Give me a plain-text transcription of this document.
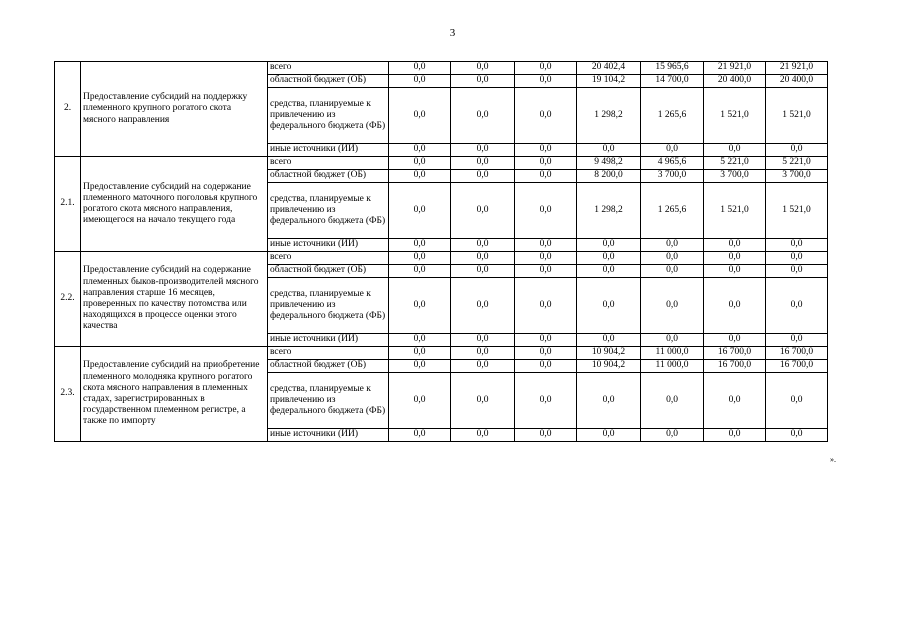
3
2.	Предоставление субсидий на поддержку племенного крупного рогатого скота мясного направления	всего	0,0	0,0	0,0	20 402,4	15 965,6	21 921,0	21 921,0
		областной бюджет (ОБ)	0,0	0,0	0,0	19 104,2	14 700,0	20 400,0	20 400,0
		средства, планируемые к привлечению из федерального бюджета (ФБ)	0,0	0,0	0,0	1 298,2	1 265,6	1 521,0	1 521,0
		иные источники (ИИ)	0,0	0,0	0,0	0,0	0,0	0,0	0,0
2.1.	Предоставление субсидий на содержание племенного маточного поголовья крупного рогатого скота мясного направления, имеющегося на начало текущего года	всего	0,0	0,0	0,0	9 498,2	4 965,6	5 221,0	5 221,0
		областной бюджет (ОБ)	0,0	0,0	0,0	8 200,0	3 700,0	3 700,0	3 700,0
		средства, планируемые к привлечению из федерального бюджета (ФБ)	0,0	0,0	0,0	1 298,2	1 265,6	1 521,0	1 521,0
		иные источники (ИИ)	0,0	0,0	0,0	0,0	0,0	0,0	0,0
2.2.	Предоставление субсидий на содержание племенных быков-производителей мясного направления старше 16 месяцев, проверенных по качеству потомства или находящихся в процессе оценки этого качества	всего	0,0	0,0	0,0	0,0	0,0	0,0	0,0
		областной бюджет (ОБ)	0,0	0,0	0,0	0,0	0,0	0,0	0,0
		средства, планируемые к привлечению из федерального бюджета (ФБ)	0,0	0,0	0,0	0,0	0,0	0,0	0,0
		иные источники (ИИ)	0,0	0,0	0,0	0,0	0,0	0,0	0,0
2.3.	Предоставление субсидий на приобретение племенного молодняка крупного рогатого скота мясного направления в племенных стадах, зарегистрированных в государственном племенном регистре, а также по импорту	всего	0,0	0,0	0,0	10 904,2	11 000,0	16 700,0	16 700,0
		областной бюджет (ОБ)	0,0	0,0	0,0	10 904,2	11 000,0	16 700,0	16 700,0
		средства, планируемые к привлечению из федерального бюджета (ФБ)	0,0	0,0	0,0	0,0	0,0	0,0	0,0
		иные источники (ИИ)	0,0	0,0	0,0	0,0	0,0	0,0	0,0
».
